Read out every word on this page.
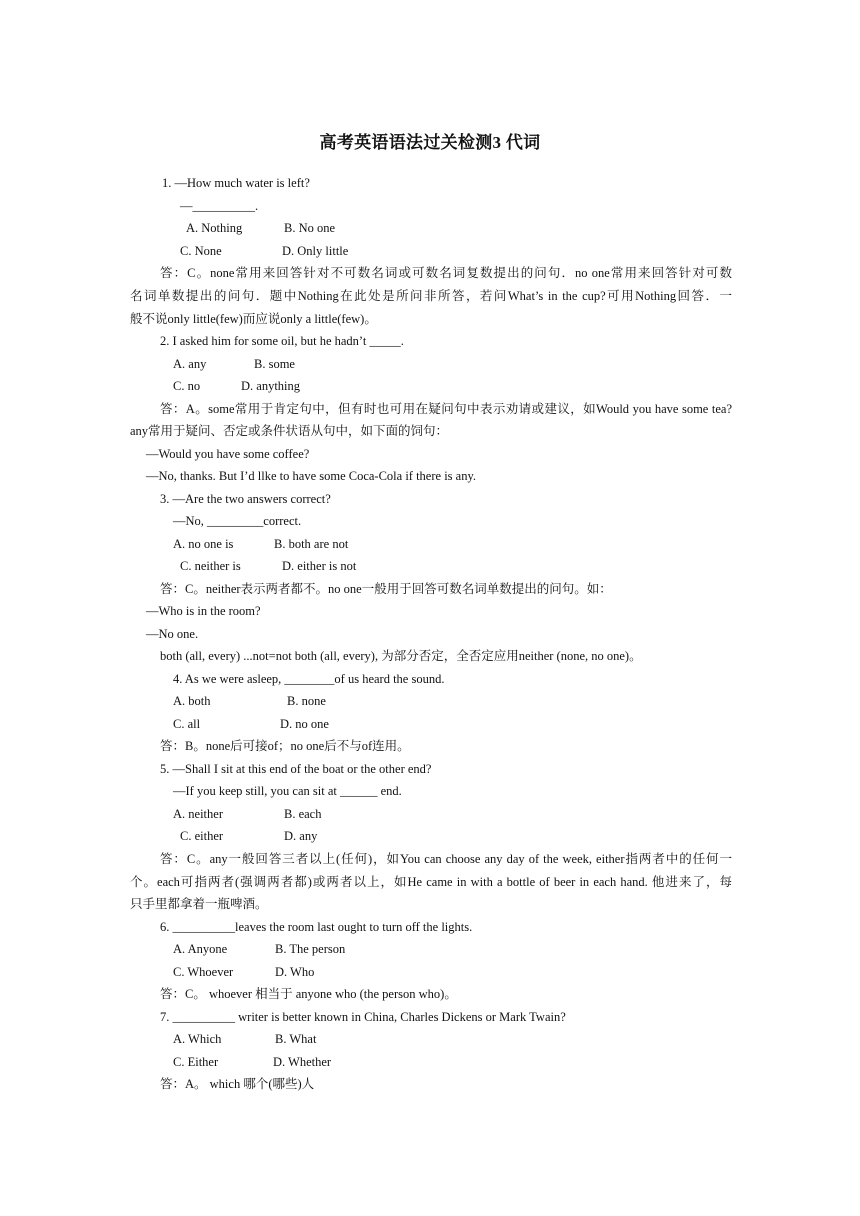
高考英语语法过关检测3 代词
1. —How much water is left?
—__________.
A. Nothing	B. No one
C. None	D. Only little
答：C。none常用来回答针对不可数名词或可数名词复数提出的问句．no one常用来回答针对可数
名词单数提出的问句．题中Nothing在此处是所问非所答，若问What’s in the cup?可用Nothing回答．一
般不说only little(few)而应说only a little(few)。
2. I asked him for some oil, but he hadn’t _____.
A. any	B. some
C. no	D. anything
答：A。some常用于肯定句中，但有时也可用在疑问句中表示劝请或建议，如Would you have some tea?
any常用于疑问、否定或条件状语从句中，如下面的饲句：
—Would you have some coffee?
—No, thanks. But I’d llke to have some Coca-Cola if there is any.
3. —Are the two answers correct?
—No, _________correct.
A. no one is	B. both are not
C. neither is	D. either is not
答：C。neither表示两者都不。no one一般用于回答可数名词单数提出的问句。如：
—Who is in the room?
—No one.
both (all, every) ...not=not both (all, every), 为部分否定，全否定应用neither (none, no one)。
4. As we were asleep, ________of us heard the sound.
A. both	B. none
C. all	D. no one
答：B。none后可接of；no one后不与of连用。
5. —Shall I sit at this end of the boat or the other end?
—If you keep still, you can sit at ______ end.
A. neither	B. each
C. either	D. any
答：C。any一般回答三者以上(任何)，如You can choose any day of the week, either指两者中的任何一
个。each可指两者(强调两者都)或两者以上，如He came in with a bottle of beer in each hand. 他进来了，每
只手里都拿着一瓶啤酒。
6. __________leaves the room last ought to turn off the lights.
A. Anyone	B. The person
C. Whoever	D. Who
答：C。 whoever 相当于 anyone who (the person who)。
7. __________ writer is better known in China, Charles Dickens or Mark Twain?
A. Which	B. What
C. Either	D. Whether
答：A。 which 哪个(哪些)人
